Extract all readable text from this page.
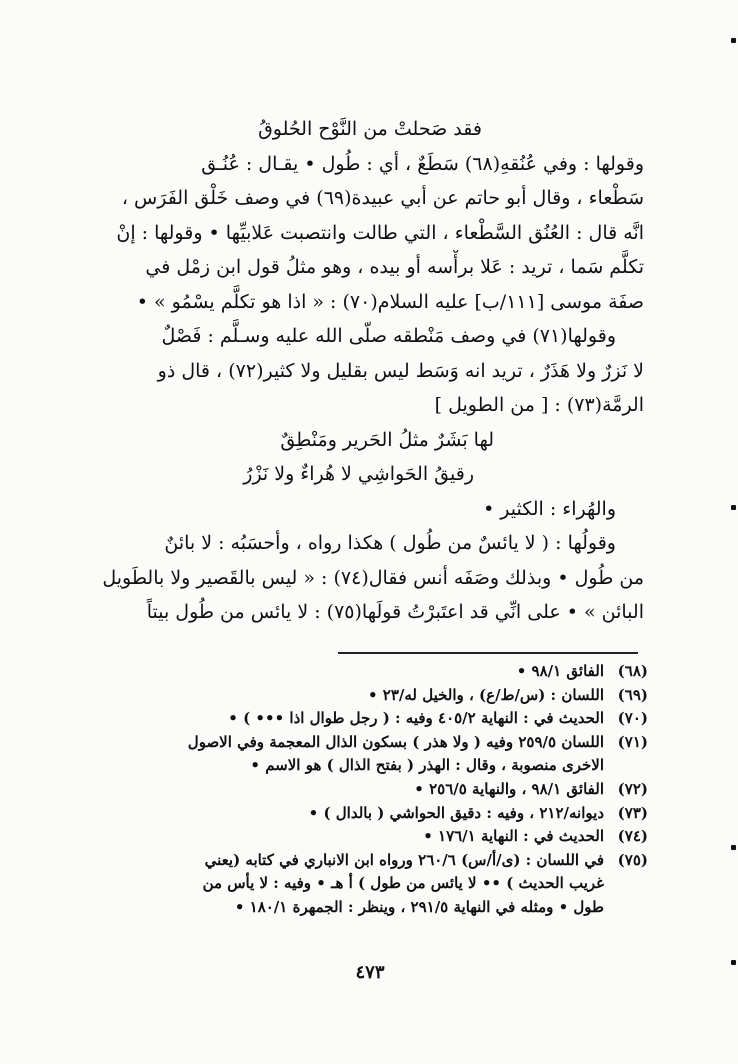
فقد صَحلتْ من النَّوْح الحُلوقُ
وقولها : وفي عُنُقهِ(٦٨) سَطَعٌ ، أي : طُول • يقـال : عُنُـق
سَطْعاء ، وقال أبو حاتم عن أبي عبيدة(٦٩) في وصف خَلْق الفَرَس ،
انَّه قال : العُنُق السَّطْعاء ، التي طالت وانتصبت عَلابيِّها • وقولها : إنْ
تكلَّم سَما ، تريد : عَلا برأْسه أو بيده ، وهو مثلُ قول ابن زمْل في
صفَة موسى [١١١/ب] عليه السلام(٧٠) : « اذا هو تكلَّم يسْمُو » •
وقولها(٧١) في وصف مَنْطقه صلّى الله عليه وسـلَّم : فَصْلٌ
لا نَزرٌ ولا هَذَرٌ ، تريد انه وَسَط ليس بقليل ولا كثير(٧٢) ، قال ذو
الرمَّة(٧٣) : [ من الطويل ]
لها بَشَرٌ مثلُ الحَرير ومَنْطِقٌ
رقيقُ الحَواشِي لا هُراءٌ ولا نَزْرُ
والهُراء : الكثير •
وقولُها : ( لا يائسٌ من طُول ) هكذا رواه ، وأحسَبُه : لا بائنٌ
من طُول • وبذلك وصَفَه أنس فقال(٧٤) : « ليس بالقَصير ولا بالطَويل
البائن » • على انِّي قد اعتَبرْتُ قولَها(٧٥) : لا يائس من طُول بيتاً
(٦٨)
الفائق ٩٨/١ •
(٦٩)
اللسان : (س/ط/ع) ، والخيل له/٢٣ •
(٧٠)
الحديث في : النهاية ٤٠٥/٢ وفيه : ( رجل طوال اذا ••• ) •
(٧١)
اللسان ٢٥٩/٥ وفيه ( ولا هذر ) بسكون الذال المعجمة وفي الاصول
الاخرى منصوبة ، وقال : الهذر ( بفتح الذال ) هو الاسم •
(٧٢)
الفائق ٩٨/١ ، والنهاية ٢٥٦/٥ •
(٧٣)
ديوانه/٢١٢ ، وفيه : دقيق الحواشي ( بالدال ) •
(٧٤)
الحديث في : النهاية ١٧٦/١ •
(٧٥)
في اللسان : (ى/أ/س) ٢٦٠/٦ ورواه ابن الانباري في كتابه (يعني
غريب الحديث ) •• لا يائس من طول ) أ هـ • وفيه : لا يأس من
طول • ومثله في النهاية ٢٩١/٥ ، وينظر : الجمهرة ١٨٠/١ •
٤٧٣
